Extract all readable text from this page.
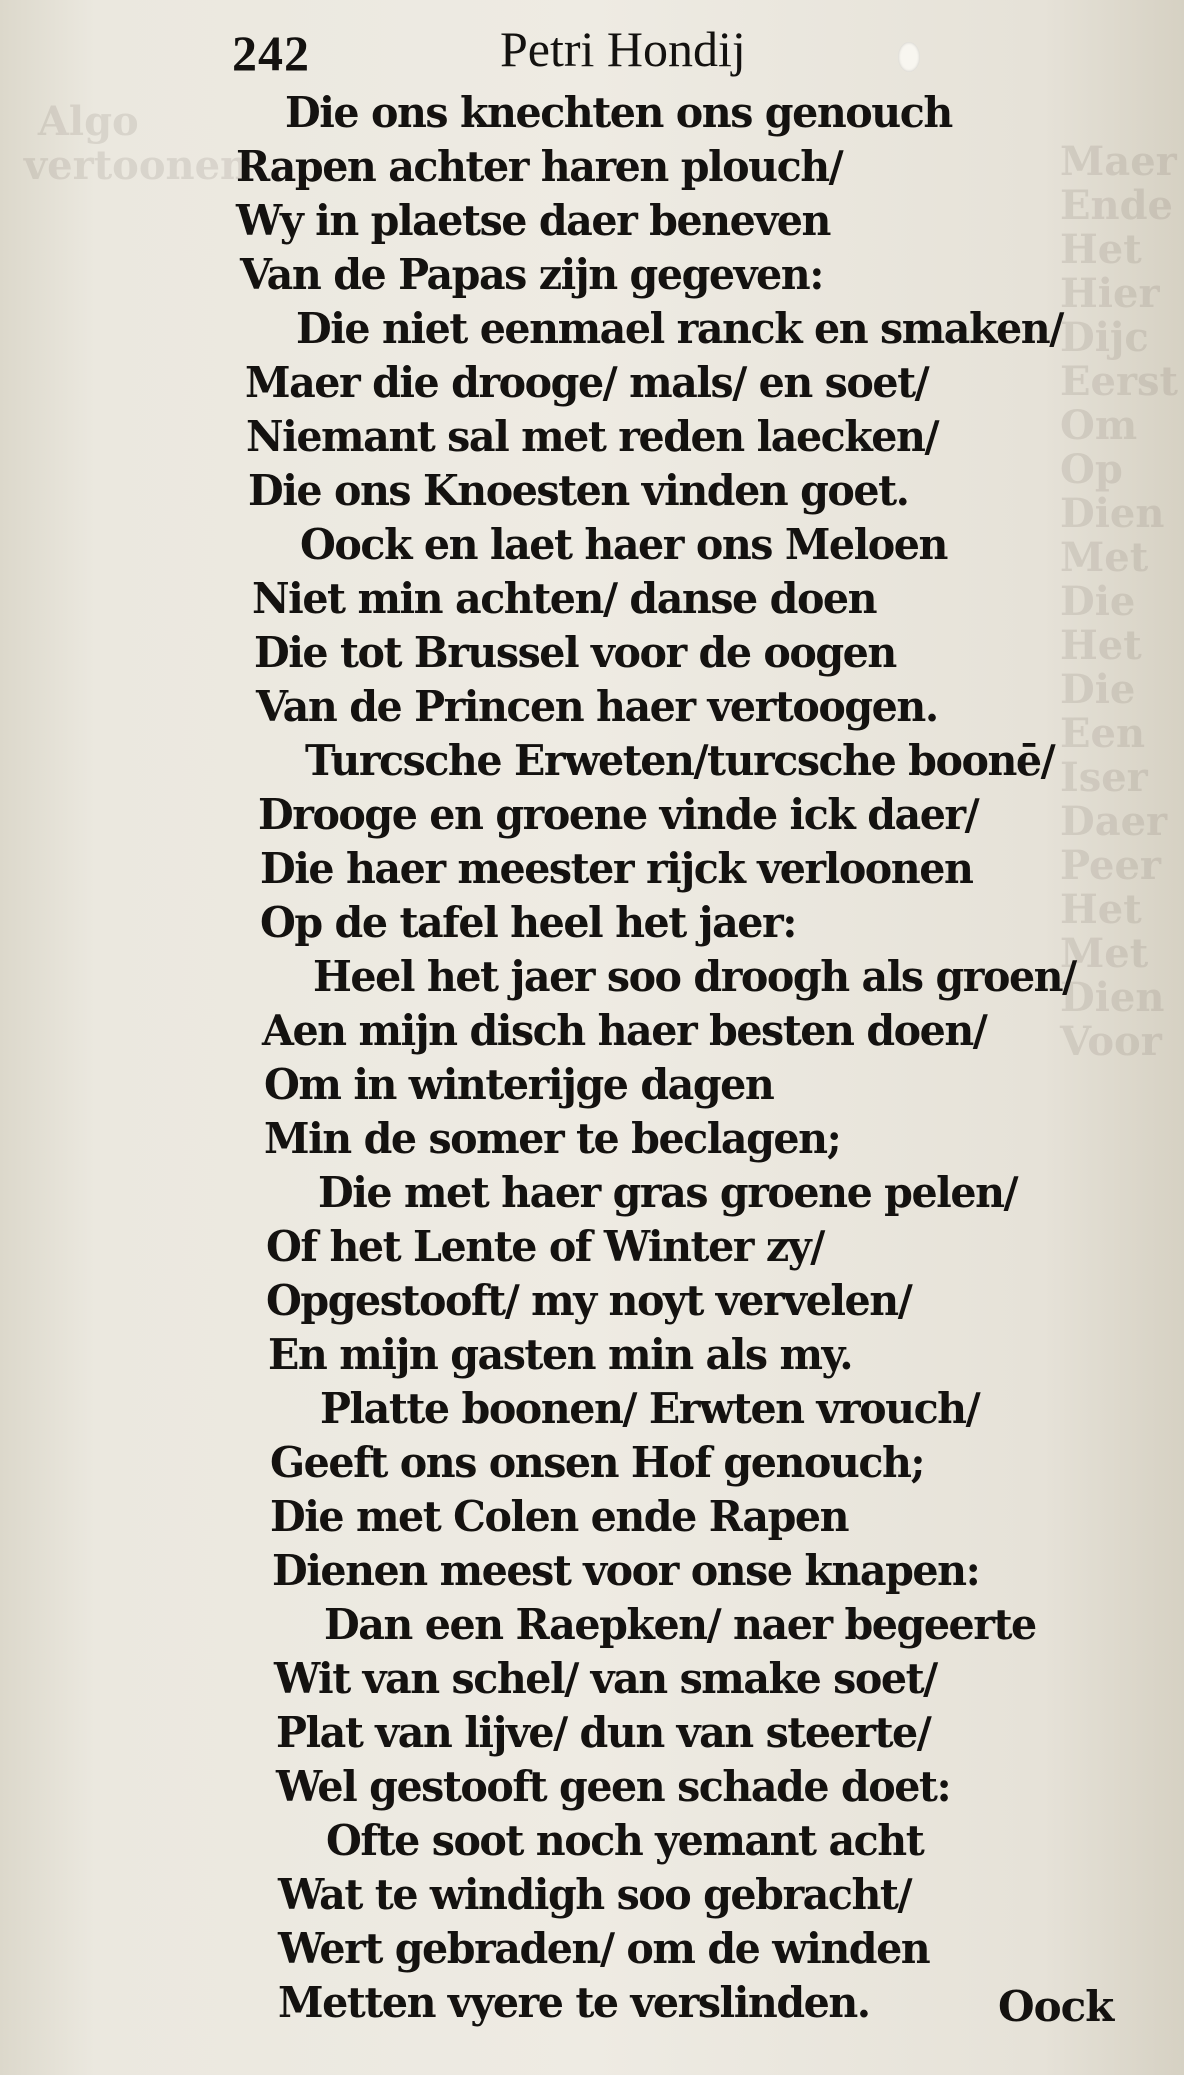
Algo
vertoonen	Maer
Ende
Het
Hier
Dijc
Eerst
Om
Op
Dien
Met
Die
Het
Die
Een
Iser
Daer
Peer
Het
Met
Dien
Voor
242	Petri Hondij
Die ons knechten ons genouch
Rapen achter haren plouch/
Wy in plaetse daer beneven
Van de Papas zijn gegeven:
Die niet eenmael ranck en smaken/
Maer die drooge/ mals/ en soet/
Niemant sal met reden laecken/
Die ons Knoesten vinden goet.
Oock en laet haer ons Meloen
Niet min achten/ danse doen
Die tot Brussel voor de oogen
Van de Princen haer vertoogen.
Turcsche Erweten/turcsche boonē/
Drooge en groene vinde ick daer/
Die haer meester rijck verloonen
Op de tafel heel het jaer:
Heel het jaer soo droogh als groen/
Aen mijn disch haer besten doen/
Om in winterijge dagen
Min de somer te beclagen;
Die met haer gras groene pelen/
Of het Lente of Winter zy/
Opgestooft/ my noyt vervelen/
En mijn gasten min als my.
Platte boonen/ Erwten vrouch/
Geeft ons onsen Hof genouch;
Die met Colen ende Rapen
Dienen meest voor onse knapen:
Dan een Raepken/ naer begeerte
Wit van schel/ van smake soet/
Plat van lijve/ dun van steerte/
Wel gestooft geen schade doet:
Ofte soot noch yemant acht
Wat te windigh soo gebracht/
Wert gebraden/ om de winden
Metten vyere te verslinden.	Oock
